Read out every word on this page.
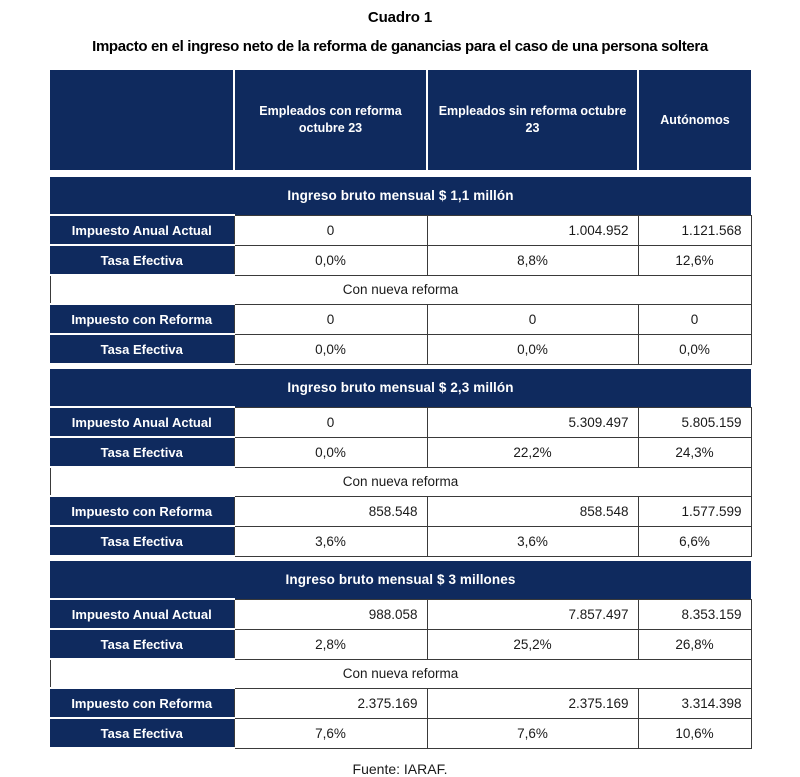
Cuadro 1
Impacto en el ingreso neto de la reforma de ganancias para el caso de una persona soltera
	Empleados con reforma octubre 23	Empleados sin reforma octubre 23	Autónomos

Ingreso bruto mensual $ 1,1 millón			
Impuesto Anual Actual	0	1.004.952	1.121.568
Tasa Efectiva	0,0%	8,8%	12,6%
Con nueva reforma			
Impuesto con Reforma	0	0	0
Tasa Efectiva	0,0%	0,0%	0,0%

Ingreso bruto mensual $ 2,3 millón			
Impuesto Anual Actual	0	5.309.497	5.805.159
Tasa Efectiva	0,0%	22,2%	24,3%
Con nueva reforma			
Impuesto con Reforma	858.548	858.548	1.577.599
Tasa Efectiva	3,6%	3,6%	6,6%

Ingreso bruto mensual $ 3 millones			
Impuesto Anual Actual	988.058	7.857.497	8.353.159
Tasa Efectiva	2,8%	25,2%	26,8%
Con nueva reforma			
Impuesto con Reforma	2.375.169	2.375.169	3.314.398
Tasa Efectiva	7,6%	7,6%	10,6%
Fuente: IARAF.
